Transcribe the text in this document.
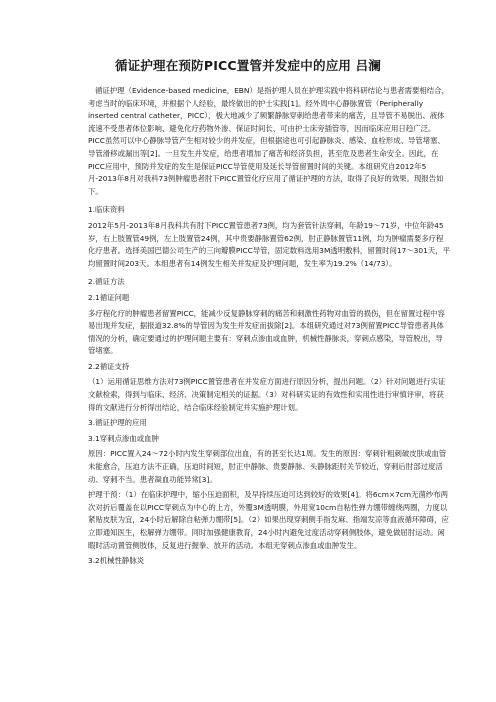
循证护理在预防PICC置管并发症中的应用 吕澜

循证护理（Evidence-based medicine，EBN）是指护理人员在护理实践中将科研结论与患者需要相结合，考虑当时的临床环境，并根据个人经验，最终做出的护士实践[1]。经外周中心静脉置管（Peripherally inserted central catheter，PICC），极大地减少了频繁静脉穿刺给患者带来的痛苦，且导管不易脱出、液体流速不受患者体位影响、避免化疗药物外渗、保证时间长、可由护士床旁插管等，因而临床应用日趋广泛。PICC虽然可以中心静脉导管产生相对较少的并发症，但根据途也可引起静脉炎、感染、血栓形成、导管堵塞、导管滑移或漏出等[2]。一旦发生并发症，给患者增加了痛苦和经济负担，甚至危及患者生命安全。因此，在PICC应用中，预防并发症的发生是保证PICC导管使用及延长导管留置时间的关键。本组研究自2012年5月-2013年8月对我科73例肿瘤患者肘下PICC置管化疗应用了循证护理的方法，取得了良好的效果。现报告如下。

1.临床资料

2012年5月-2013年8月我科共有肘下PICC置管患者73例，均为套管针法穿刺，年龄19～71岁，中位年龄45岁，右上肢置管49例，左上肢置管24例，其中贵要静脉置管62例，肘正静脉置管11例，均为肿瘤需要多疗程化疗患者。选择美国巴德公司生产的三向瓣膜PICC导管，固定数料选用3M透明敷料，留置时间17～301天，平均留置时间203天。本组患者有14例发生相关并发症及护理问题，发生率为19.2%（14/73）。

2.循证方法

2.1循证问题

多疗程化疗的肿瘤患者留置PICC，能减少反复静脉穿刺的痛苦和刺激性药物对血管的损伤，但在留置过程中容易出现并发症，据报道32.8%的导管因为发生并发症而拔除[2]。本组研究通过对73例留置PICC导管患者具体情况的分析，确定要通过的护理问题主要有：穿刺点渗血或血肿，机械性静脉炎，穿刺点感染，导管脱出，导管堵塞。

2.2循证支持

（1）运用循证思维方法对73例PICC置管患者在并发症方面进行原因分析，提出问题。（2）针对问题进行实证文献检索，得到与临床、经济、决策制定相关的证据。（3）对科研实证的有效性和实用性进行审慎评审，将获得的文献进行分析得出结论，结合临床经验制定并实施护理计划。

3.循证护理的应用

3.1穿刺点渗血或血肿

原因：PICC置入24～72小时内发生穿刺部位出血，有的甚至长达1周。发生的原因：穿刺针粗刺破皮肤或血管未能愈合，压迫方法不正确，压迫时间短，肘正中静脉、贵要静脉、头静脉距肘关节较近，穿刺后肘部过度活动、穿刺不当。患者凝血功能异常[3]。

护理干预：（1）在临床护理中，缩小压迫面积，及早持续压迫可达到较好的效果[4]。将6cm×7cm无菌纱布两次对折后覆盖在以PICC穿刺点为中心的上方，外覆3M透明膜，外用宽10cm自粘性弹力绷带缠绕两圈，力度以紧贴皮肤为宜，24小时后解除自粘弹力绷带[5]。（2）如果出现穿刺侧手指发麻、指端发凉等血液循环障碍，应立即通知医生，松解弹力绷带。同时加强健康教育，24小时内避免过度活动穿刺侧肢体，避免做屈肘运动。闲暇时活动置管侧肢体，反复进行握拳、放开的活动。本组无穿刺点渗血或血肿发生。

3.2机械性静脉炎
